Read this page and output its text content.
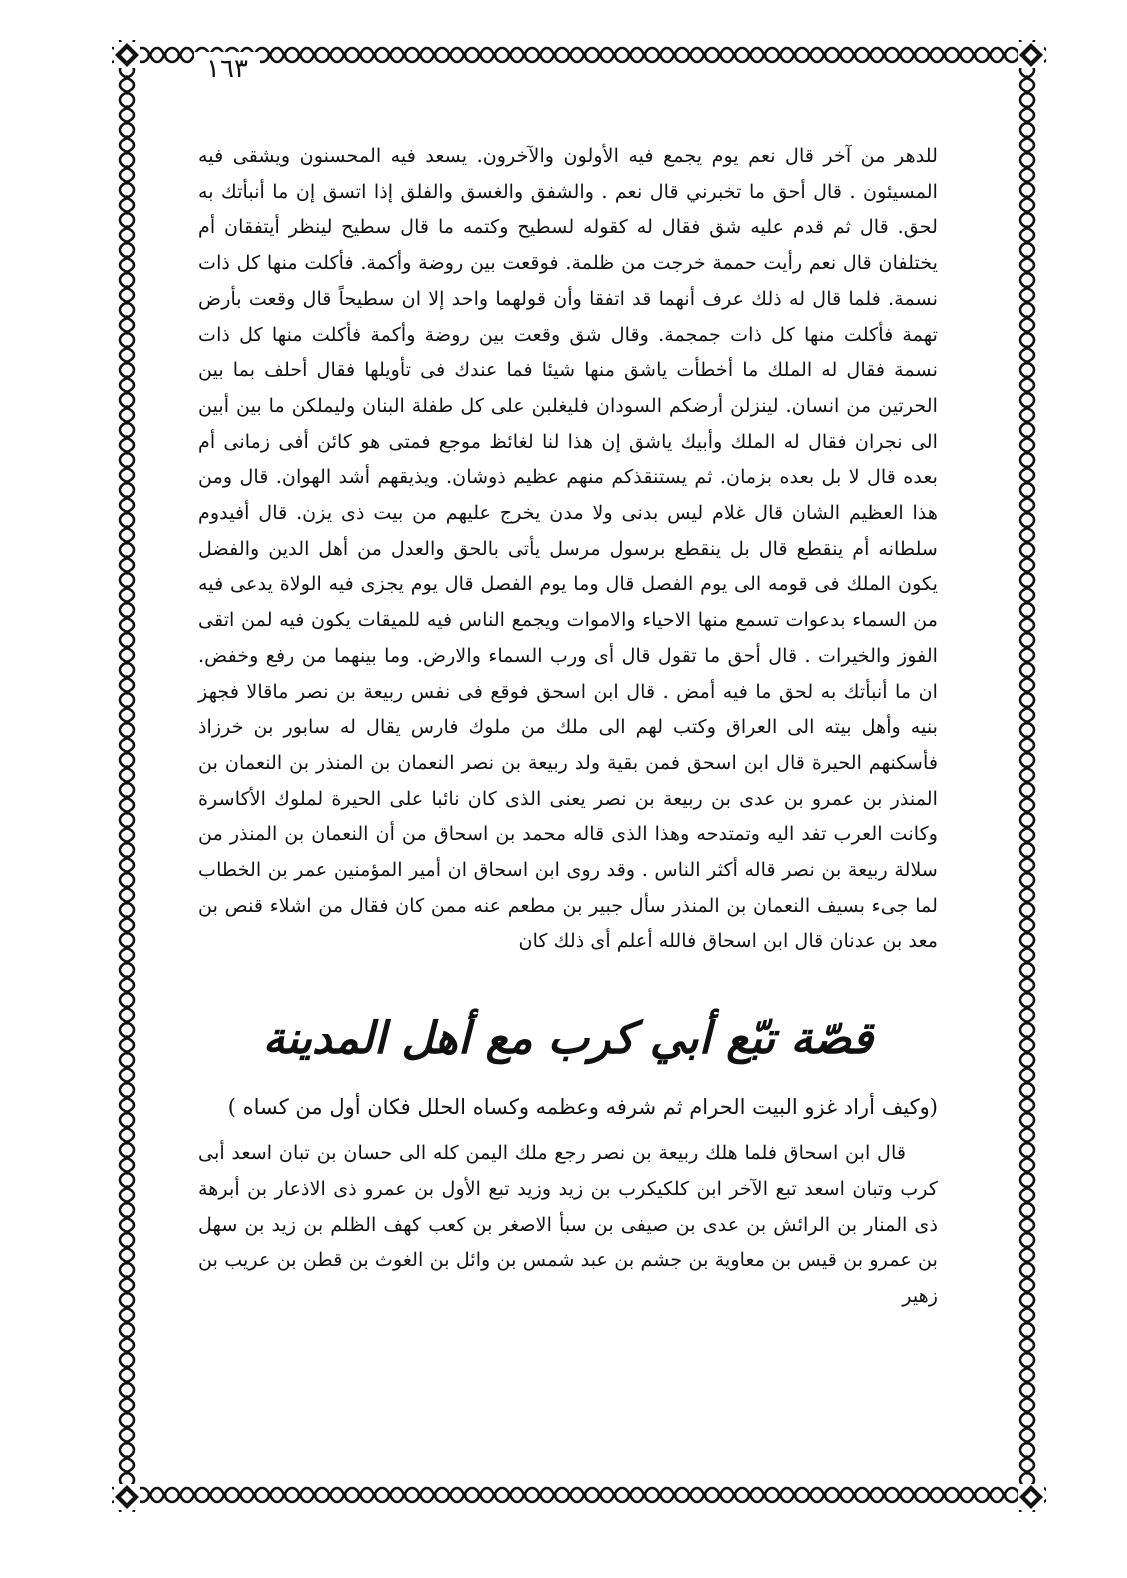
١٦٣

للدهر من آخر قال نعم يوم يجمع فيه الأولون والآخرون. يسعد فيه المحسنون ويشقى فيه المسيئون . قال أحق ما تخبرني قال نعم . والشفق والغسق والفلق إذا اتسق إن ما أنبأتك به لحق. قال ثم قدم عليه شق فقال له كقوله لسطيح وكتمه ما قال سطيح لينظر أيتفقان أم يختلفان قال نعم رأيت حممة خرجت من ظلمة. فوقعت بين روضة وأكمة. فأكلت منها كل ذات نسمة. فلما قال له ذلك عرف أنهما قد اتفقا وأن قولهما واحد إلا ان سطيحاً قال وقعت بأرض تهمة فأكلت منها كل ذات جمجمة. وقال شق وقعت بين روضة وأكمة فأكلت منها كل ذات نسمة فقال له الملك ما أخطأت ياشق منها شيئا فما عندك فى تأويلها فقال أحلف بما بين الحرتين من انسان. لينزلن أرضكم السودان فليغلبن على كل طفلة البنان وليملكن ما بين أبين الى نجران فقال له الملك وأبيك ياشق إن هذا لنا لغائظ موجع فمتى هو كائن أفى زمانى أم بعده قال لا بل بعده بزمان. ثم يستنقذكم منهم عظيم ذوشان. ويذيقهم أشد الهوان. قال ومن هذا العظيم الشان قال غلام ليس بدنى ولا مدن يخرج عليهم من بيت ذى يزن. قال أفيدوم سلطانه أم ينقطع قال بل ينقطع برسول مرسل يأتى بالحق والعدل من أهل الدين والفضل يكون الملك فى قومه الى يوم الفصل قال وما يوم الفصل قال يوم يجزى فيه الولاة يدعى فيه من السماء بدعوات تسمع منها الاحياء والاموات ويجمع الناس فيه للميقات يكون فيه لمن اتقى الفوز والخيرات . قال أحق ما تقول قال أى ورب السماء والارض. وما بينهما من رفع وخفض. ان ما أنبأتك به لحق ما فيه أمض . قال ابن اسحق فوقع فى نفس ربيعة بن نصر ماقالا فجهز بنيه وأهل بيته الى العراق وكتب لهم الى ملك من ملوك فارس يقال له سابور بن خرزاذ فأسكنهم الحيرة قال ابن اسحق فمن بقية ولد ربيعة بن نصر النعمان بن المنذر بن النعمان بن المنذر بن عمرو بن عدى بن ربيعة بن نصر يعنى الذى كان نائبا على الحيرة لملوك الأكاسرة وكانت العرب تفد اليه وتمتدحه وهذا الذى قاله محمد بن اسحاق من أن النعمان بن المنذر من سلالة ربيعة بن نصر قاله أكثر الناس . وقد روى ابن اسحاق ان أمير المؤمنين عمر بن الخطاب لما جىء بسيف النعمان بن المنذر سأل جبير بن مطعم عنه ممن كان فقال من اشلاء قنص بن معد بن عدنان قال ابن اسحاق فالله أعلم أى ذلك كان

قصّة تبّع أبي كرب مع أهل المدينة

(وكيف أراد غزو البيت الحرام ثم شرفه وعظمه وكساه الحلل فكان أول من كساه )

قال ابن اسحاق فلما هلك ربيعة بن نصر رجع ملك اليمن كله الى حسان بن تبان اسعد أبى كرب وتبان اسعد تبع الآخر ابن كلكيكرب بن زيد وزيد تبع الأول بن عمرو ذى الاذعار بن أبرهة ذى المنار بن الرائش بن عدى بن صيفى بن سبأ الاصغر بن كعب كهف الظلم بن زيد بن سهل بن عمرو بن قيس بن معاوية بن جشم بن عبد شمس بن وائل بن الغوث بن قطن بن عريب بن زهير
